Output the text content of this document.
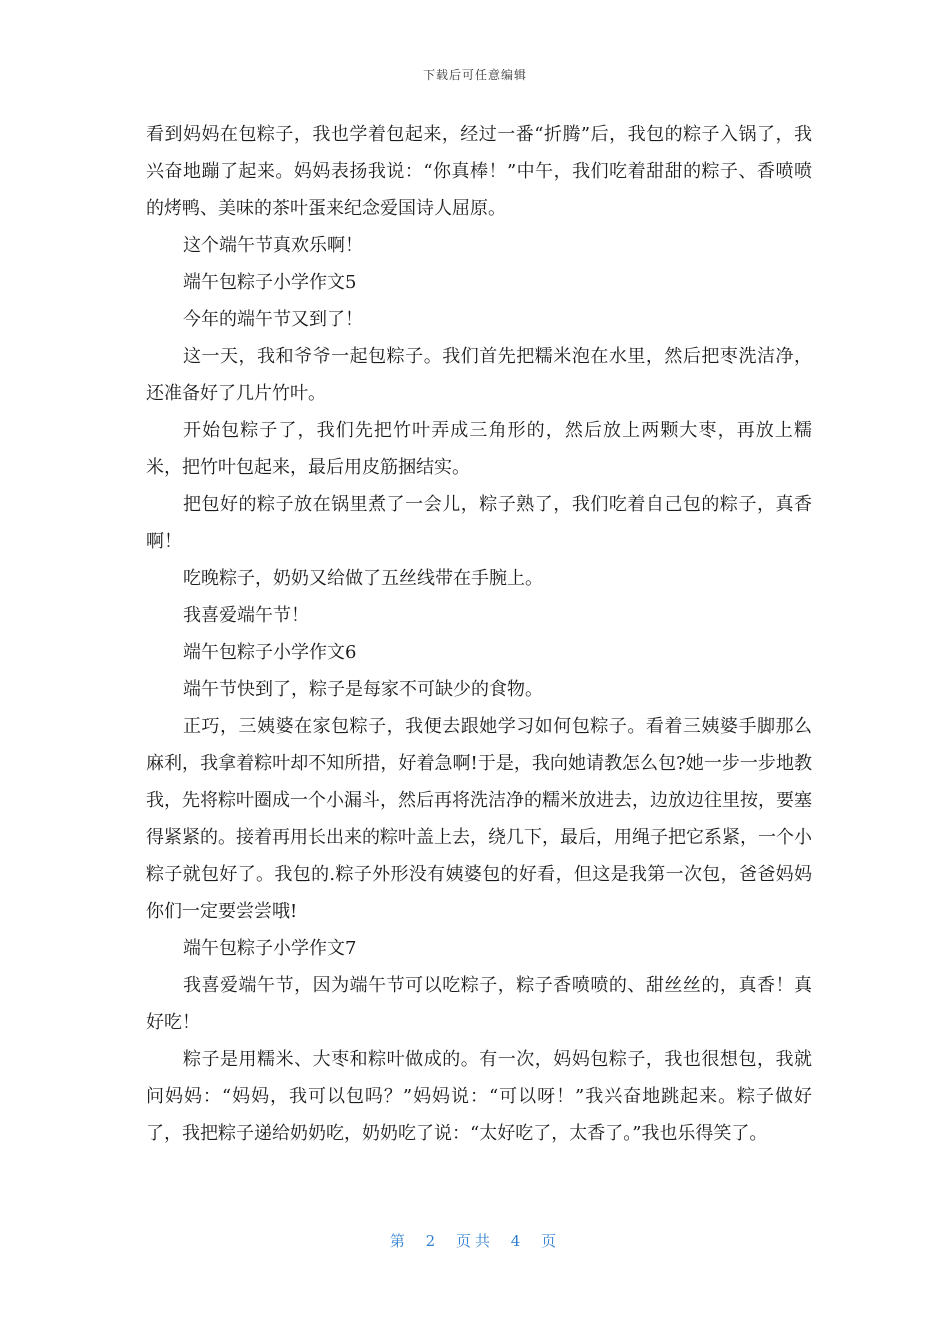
下载后可任意编辑

看到妈妈在包粽子，我也学着包起来，经过一番“折腾”后，我包的粽子入锅了，我兴奋地蹦了起来。妈妈表扬我说：“你真棒！”中午，我们吃着甜甜的粽子、香喷喷的烤鸭、美味的茶叶蛋来纪念爱国诗人屈原。

这个端午节真欢乐啊！

端午包粽子小学作文5

今年的端午节又到了！

这一天，我和爷爷一起包粽子。我们首先把糯米泡在水里，然后把枣洗洁净，还准备好了几片竹叶。

开始包粽子了，我们先把竹叶弄成三角形的，然后放上两颗大枣，再放上糯米，把竹叶包起来，最后用皮筋捆结实。

把包好的粽子放在锅里煮了一会儿，粽子熟了，我们吃着自己包的粽子，真香啊！

吃晚粽子，奶奶又给做了五丝线带在手腕上。

我喜爱端午节！

端午包粽子小学作文6

端午节快到了，粽子是每家不可缺少的食物。

正巧，三姨婆在家包粽子，我便去跟她学习如何包粽子。看着三姨婆手脚那么麻利，我拿着粽叶却不知所措，好着急啊!于是，我向她请教怎么包?她一步一步地教我，先将粽叶圈成一个小漏斗，然后再将洗洁净的糯米放进去，边放边往里按，要塞得紧紧的。接着再用长出来的粽叶盖上去，绕几下，最后，用绳子把它系紧，一个小粽子就包好了。我包的.粽子外形没有姨婆包的好看，但这是我第一次包，爸爸妈妈你们一定要尝尝哦!

端午包粽子小学作文7

我喜爱端午节，因为端午节可以吃粽子，粽子香喷喷的、甜丝丝的，真香！真好吃！

粽子是用糯米、大枣和粽叶做成的。有一次，妈妈包粽子，我也很想包，我就问妈妈：“妈妈，我可以包吗？”妈妈说：“可以呀！”我兴奋地跳起来。粽子做好了，我把粽子递给奶奶吃，奶奶吃了说：“太好吃了，太香了。”我也乐得笑了。

第 2 页共 4 页
